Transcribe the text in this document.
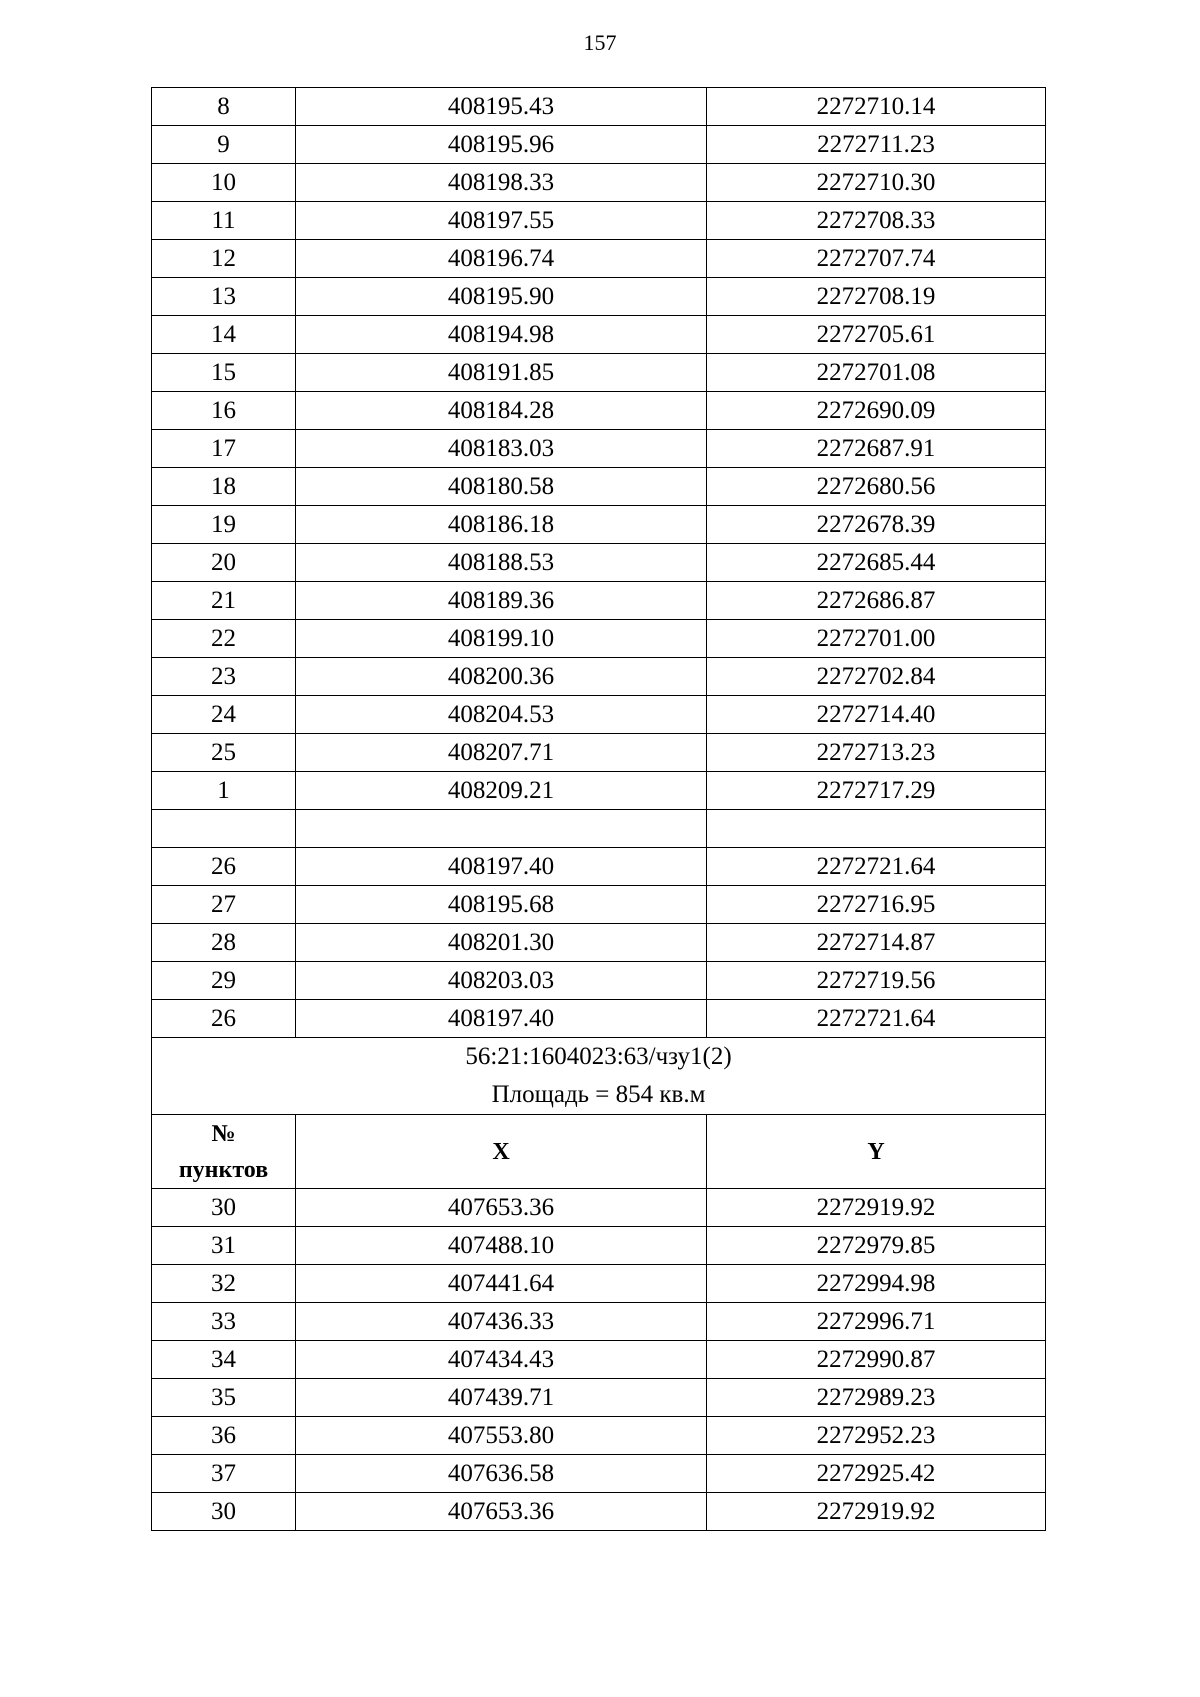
157
8	408195.43	2272710.14
9	408195.96	2272711.23
10	408198.33	2272710.30
11	408197.55	2272708.33
12	408196.74	2272707.74
13	408195.90	2272708.19
14	408194.98	2272705.61
15	408191.85	2272701.08
16	408184.28	2272690.09
17	408183.03	2272687.91
18	408180.58	2272680.56
19	408186.18	2272678.39
20	408188.53	2272685.44
21	408189.36	2272686.87
22	408199.10	2272701.00
23	408200.36	2272702.84
24	408204.53	2272714.40
25	408207.71	2272713.23
1	408209.21	2272717.29

26	408197.40	2272721.64
27	408195.68	2272716.95
28	408201.30	2272714.87
29	408203.03	2272719.56
26	408197.40	2272721.64

56:21:1604023:63/чзу1(2)
Площадь = 854 кв.м		

№
пунктов	X	Y
30	407653.36	2272919.92
31	407488.10	2272979.85
32	407441.64	2272994.98
33	407436.33	2272996.71
34	407434.43	2272990.87
35	407439.71	2272989.23
36	407553.80	2272952.23
37	407636.58	2272925.42
30	407653.36	2272919.92
